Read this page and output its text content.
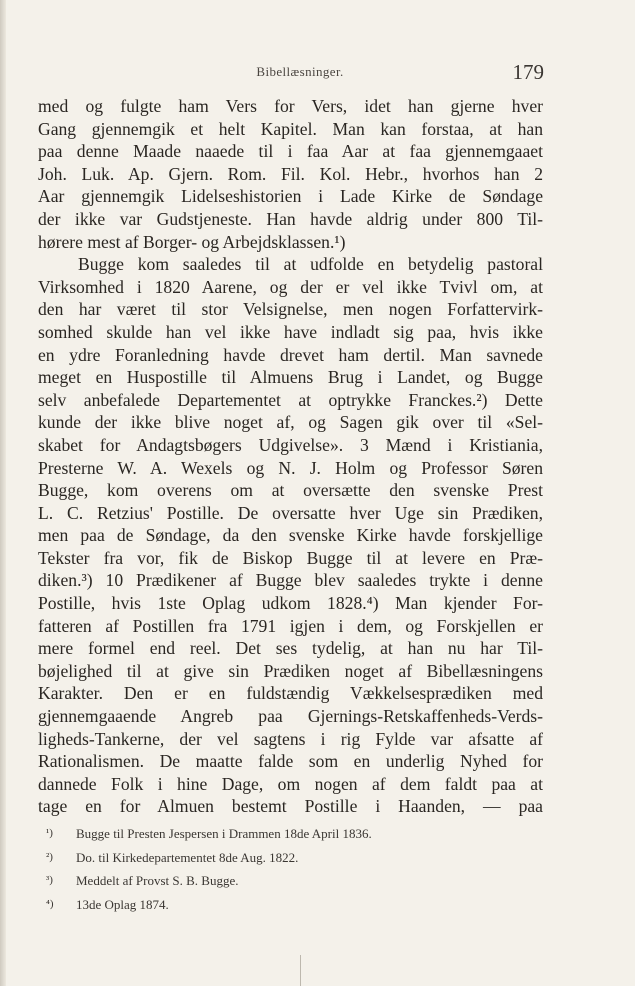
Bibellæsninger.	179
med og fulgte ham Vers for Vers, idet han gjerne hver
Gang gjennemgik et helt Kapitel. Man kan forstaa, at han
paa denne Maade naaede til i faa Aar at faa gjennemgaaet
Joh. Luk. Ap. Gjern. Rom. Fil. Kol. Hebr., hvorhos han 2
Aar gjennemgik Lidelseshistorien i Lade Kirke de Søndage
der ikke var Gudstjeneste. Han havde aldrig under 800 Til-
hørere mest af Borger- og Arbejdsklassen.¹)
Bugge kom saaledes til at udfolde en betydelig pastoral
Virksomhed i 1820 Aarene, og der er vel ikke Tvivl om, at
den har været til stor Velsignelse, men nogen Forfattervirk-
somhed skulde han vel ikke have indladt sig paa, hvis ikke
en ydre Foranledning havde drevet ham dertil. Man savnede
meget en Huspostille til Almuens Brug i Landet, og Bugge
selv anbefalede Departementet at optrykke Franckes.²) Dette
kunde der ikke blive noget af, og Sagen gik over til «Sel-
skabet for Andagtsbøgers Udgivelse». 3 Mænd i Kristiania,
Presterne W. A. Wexels og N. J. Holm og Professor Søren
Bugge, kom overens om at oversætte den svenske Prest
L. C. Retzius' Postille. De oversatte hver Uge sin Prædiken,
men paa de Søndage, da den svenske Kirke havde forskjellige
Tekster fra vor, fik de Biskop Bugge til at levere en Præ-
diken.³) 10 Prædikener af Bugge blev saaledes trykte i denne
Postille, hvis 1ste Oplag udkom 1828.⁴) Man kjender For-
fatteren af Postillen fra 1791 igjen i dem, og Forskjellen er
mere formel end reel. Det ses tydelig, at han nu har Til-
bøjelighed til at give sin Prædiken noget af Bibellæsningens
Karakter. Den er en fuldstændig Vækkelsesprædiken med
gjennemgaaende Angreb paa Gjernings-Retskaffenheds-Verds-
ligheds-Tankerne, der vel sagtens i rig Fylde var afsatte af
Rationalismen. De maatte falde som en underlig Nyhed for
dannede Folk i hine Dage, om nogen af dem faldt paa at
tage en for Almuen bestemt Postille i Haanden, — paa
¹) Bugge til Presten Jespersen i Drammen 18de April 1836.
²) Do. til Kirkedepartementet 8de Aug. 1822.
³) Meddelt af Provst S. B. Bugge.
⁴) 13de Oplag 1874.
